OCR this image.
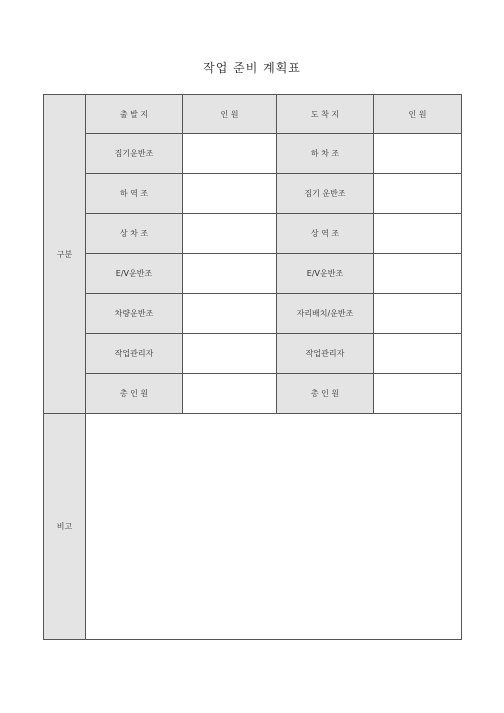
작업 준비 계획표
구분	출 발 지	인 원	도 착 지	인 원
	짐기운반조		하 차 조	
	하 역 조		짐기 운반조	
	상 차 조		상 역 조	
	E/V운반조		E/V운반조	
	차량운반조		자리배치/운반조	
	작업관리자		작업관리자	
	총 인 원		총 인 원	
비고				
